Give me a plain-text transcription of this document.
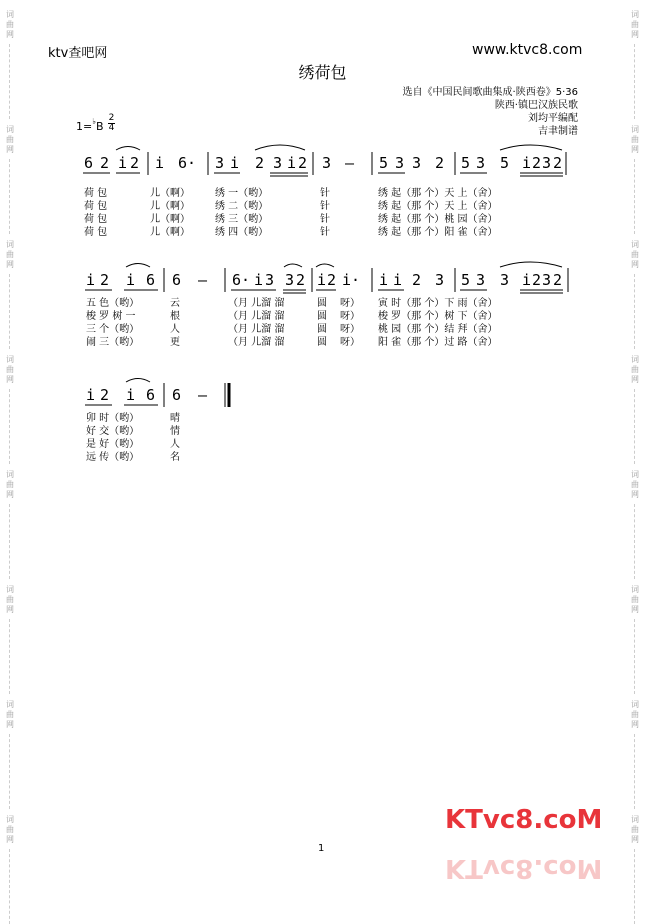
词
曲
网
词
曲
网
词
曲
网
词
曲
网
词
曲
网
词
曲
网
词
曲
网
词
曲
网
词
曲
网
词
曲
网
词
曲
网
词
曲
网
词
曲
网
词
曲
网
词
曲
网
词
曲
网
ktv查吧网	www.ktvc8.com
绣荷包
选自《中国民间歌曲集成·陕西卷》5·36
陕西·镇巴汉族民歌
刘均平编配
吉聿制谱
1=♭B
2
4
6 2 i 2 i 6· 3 i 2 3 i 2 3 — 5 3 3 2 5 3 5 i 2 3 2
i 2 i 6 6 — 6· i 3 3 2 i 2 i· i i 2 3 5 3 3 i 2 3 2
i 2 i 6 6 —
荷 包	儿（啊）	绣 一（哟）	针	绣 起（那 个）天 上（舍）
荷 包	儿（啊）	绣 二（哟）	针	绣 起（那 个）天 上（舍）
荷 包	儿（啊）	绣 三（哟）	针	绣 起（那 个）桃 园（舍）
荷 包	儿（啊）	绣 四（哟）	针	绣 起（那 个）阳 雀（舍）
五 色（哟）	云	（月 儿溜 溜	圆 呀） 寅 时（那 个）下 雨（舍）
梭 罗 树 一	根	（月 儿溜 溜	圆 呀） 梭 罗（那 个）树 下（舍）
三 个（哟）	人	（月 儿溜 溜	圆 呀） 桃 园（那 个）结 拜（舍）
闹 三（哟）	更	（月 儿溜 溜	圆 呀） 阳 雀（那 个）过 路（舍）
卯 时（哟）	晴
好 交（哟）	情
是 好（哟）	人
远 传（哟）	名
1
KTvc8.coM
KTvc8.coM
